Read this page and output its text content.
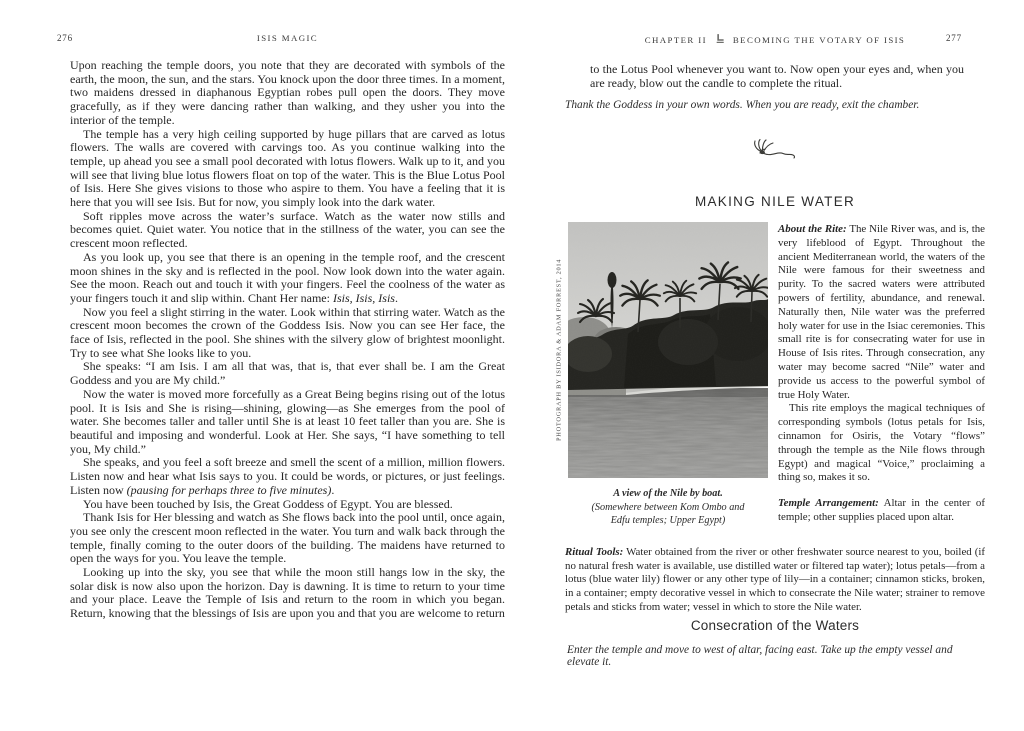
276	ISIS MAGIC

Upon reaching the temple doors, you note that they are decorated with symbols of the earth, the moon, the sun, and the stars. You knock upon the door three times. In a moment, two maidens dressed in diaphanous Egyptian robes pull open the doors. They move gracefully, as if they were dancing rather than walking, and they usher you into the interior of the temple.

The temple has a very high ceiling supported by huge pillars that are carved as lotus flowers. The walls are covered with carvings too. As you continue walking into the temple, up ahead you see a small pool decorated with lotus flowers. Walk up to it, and you will see that living blue lotus flowers float on top of the water. This is the Blue Lotus Pool of Isis. Here She gives visions to those who aspire to them. You have a feeling that it is here that you will see Isis. But for now, you simply look into the dark water.

Soft ripples move across the water’s surface. Watch as the water now stills and becomes quiet. Quiet water. You notice that in the stillness of the water, you can see the crescent moon reflected.

As you look up, you see that there is an opening in the temple roof, and the crescent moon shines in the sky and is reflected in the pool. Now look down into the water again. See the moon. Reach out and touch it with your fingers. Feel the coolness of the water as your fingers touch it and slip within. Chant Her name: Isis, Isis, Isis.

Now you feel a slight stirring in the water. Look within that stirring water. Watch as the crescent moon becomes the crown of the Goddess Isis. Now you can see Her face, the face of Isis, reflected in the pool. She shines with the silvery glow of brightest moonlight. Try to see what She looks like to you.

She speaks: “I am Isis. I am all that was, that is, that ever shall be. I am the Great Goddess and you are My child.”

Now the water is moved more forcefully as a Great Being begins rising out of the lotus pool. It is Isis and She is rising—shining, glowing—as She emerges from the pool of water. She becomes taller and taller until She is at least 10 feet taller than you are. She is beautiful and imposing and wonderful. Look at Her. She says, “I have something to tell you, My child.”

She speaks, and you feel a soft breeze and smell the scent of a million, million flowers. Listen now and hear what Isis says to you. It could be words, or pictures, or just feelings. Listen now (pausing for perhaps three to five minutes).

You have been touched by Isis, the Great Goddess of Egypt. You are blessed.

Thank Isis for Her blessing and watch as She flows back into the pool until, once again, you see only the crescent moon reflected in the water. You turn and walk back through the temple, finally coming to the outer doors of the building. The maidens have returned to open the ways for you. You leave the temple.

Looking up into the sky, you see that while the moon still hangs low in the sky, the solar disk is now also upon the horizon. Day is dawning. It is time to return to your time and your place. Leave the Temple of Isis and return to the room in which you began. Return, knowing that the blessings of Isis are upon you and that you are welcome to return

CHAPTER II	BECOMING THE VOTARY OF ISIS	277

to the Lotus Pool whenever you want to. Now open your eyes and, when you are ready, blow out the candle to complete the ritual.

Thank the Goddess in your own words. When you are ready, exit the chamber.

MAKING NILE WATER
PHOTOGRAPH BY ISIDORA & ADAM FORREST, 2014
A view of the Nile by boat.
(Somewhere between Kom Ombo and
Edfu temples; Upper Egypt)

About the Rite: The Nile River was, and is, the very lifeblood of Egypt. Throughout the ancient Mediterranean world, the waters of the Nile were famous for their sweetness and purity. To the sacred waters were attributed powers of fertility, abundance, and renewal. Naturally then, Nile water was the preferred holy water for use in the Isiac ceremonies. This small rite is for consecrating water for use in House of Isis rites. Through consecration, any water may become sacred “Nile” water and provide us access to the powerful symbol of true Holy Water.

This rite employs the magical techniques of corresponding symbols (lotus petals for Isis, cinnamon for Osiris, the Votary “flows” through the temple as the Nile flows through Egypt) and magical “Voice,” proclaiming a thing so, makes it so.

Temple Arrangement: Altar in the center of temple; other supplies placed upon altar.

Ritual Tools: Water obtained from the river or other freshwater source nearest to you, boiled (if no natural fresh water is available, use distilled water or filtered tap water); lotus petals—from a lotus (blue water lily) flower or any other type of lily—in a container; cinnamon sticks, broken, in a container; empty decorative vessel in which to consecrate the Nile water; strainer to remove petals and sticks from water; vessel in which to store the Nile water.

Consecration of the Waters

Enter the temple and move to west of altar, facing east. Take up the empty vessel and elevate it.
